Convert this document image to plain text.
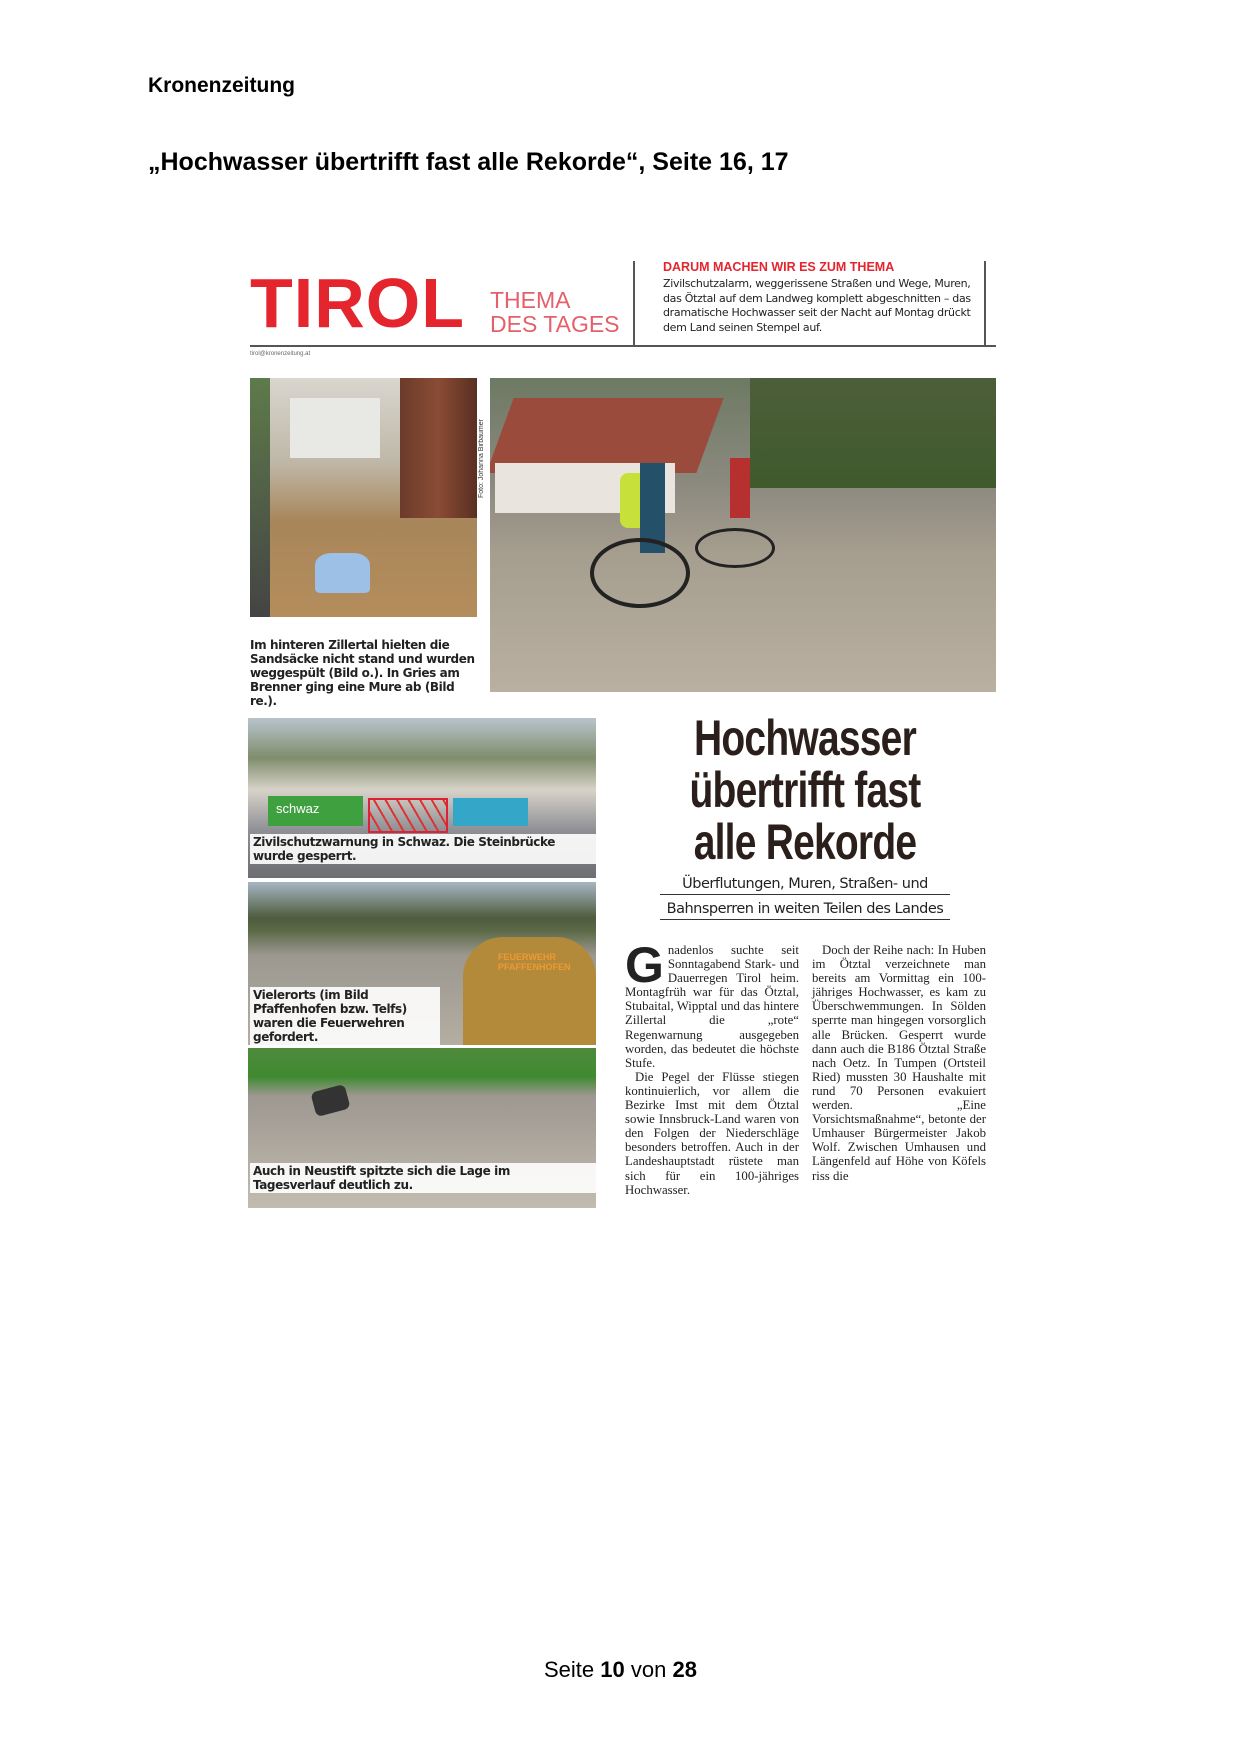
Kronenzeitung
„Hochwasser übertrifft fast alle Rekorde“, Seite 16, 17
TIROL THEMA
DES TAGES
DARUM MACHEN WIR ES ZUM THEMA
Zivilschutzalarm, weggerissene Straßen und Wege, Muren, das Ötztal auf dem Landweg komplett abgeschnitten – das dramatische Hochwasser seit der Nacht auf Montag drückt dem Land seinen Stempel auf.
tirol@kronenzeitung.at
Foto: Johanna Birbaumer
Im hinteren Zillertal hielten die Sandsäcke nicht stand und wurden weggespült (Bild o.). In Gries am Brenner ging eine Mure ab (Bild re.).
schwaz
Zivilschutzwarnung in Schwaz. Die Steinbrücke wurde gesperrt.
FEUERWEHR PFAFFENHOFEN
Vielerorts (im Bild Pfaffenhofen bzw. Telfs) waren die Feuerwehren gefordert.
Auch in Neustift spitzte sich die Lage im Tagesverlauf deutlich zu.
Hochwasser
übertrifft fast
alle Rekorde
Überflutungen, Muren, Straßen- und
Bahnsperren in weiten Teilen des Landes

Gnadenlos suchte seit Sonntagabend Stark- und Dauerregen Tirol heim. Montagfrüh war für das Ötztal, Stubaital, Wipptal und das hintere Zillertal die „rote“ Regenwarnung ausgegeben worden, das bedeutet die höchste Stufe.

Die Pegel der Flüsse stiegen kontinuierlich, vor allem die Bezirke Imst mit dem Ötztal sowie Innsbruck-Land waren von den Folgen der Niederschläge besonders betroffen. Auch in der Landeshauptstadt rüstete man sich für ein 100-jähriges Hochwasser.

Doch der Reihe nach: In Huben im Ötztal verzeichnete man bereits am Vormittag ein 100-jähriges Hochwasser, es kam zu Überschwemmungen. In Sölden sperrte man hingegen vorsorglich alle Brücken. Gesperrt wurde dann auch die B186 Ötztal Straße nach Oetz. In Tumpen (Ortsteil Ried) mussten 30 Haushalte mit rund 70 Personen evakuiert werden. „Eine Vorsichtsmaßnahme“, betonte der Umhauser Bürgermeister Jakob Wolf. Zwischen Umhausen und Längenfeld auf Höhe von Köfels riss die

Seite 10 von 28
